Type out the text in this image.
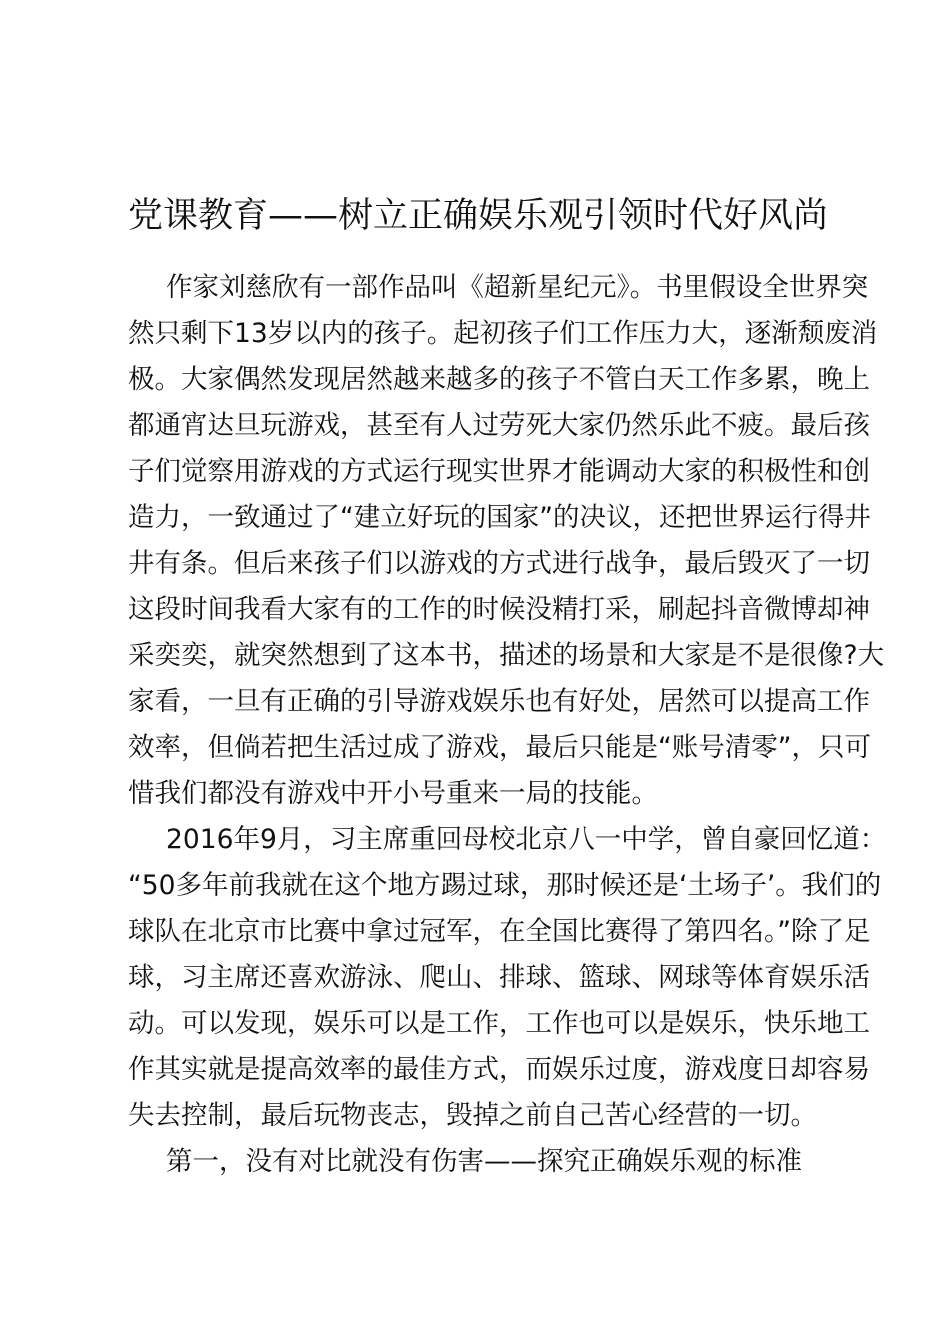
党课教育——树立正确娱乐观引领时代好风尚

作家刘慈欣有一部作品叫《超新星纪元》。书里假设全世界突
然只剩下13岁以内的孩子。起初孩子们工作压力大，逐渐颓废消
极。大家偶然发现居然越来越多的孩子不管白天工作多累，晚上
都通宵达旦玩游戏，甚至有人过劳死大家仍然乐此不疲。最后孩
子们觉察用游戏的方式运行现实世界才能调动大家的积极性和创
造力，一致通过了“建立好玩的国家”的决议，还把世界运行得井
井有条。但后来孩子们以游戏的方式进行战争，最后毁灭了一切
这段时间我看大家有的工作的时候没精打采，刷起抖音微博却神
采奕奕，就突然想到了这本书，描述的场景和大家是不是很像?大
家看，一旦有正确的引导游戏娱乐也有好处，居然可以提高工作
效率，但倘若把生活过成了游戏，最后只能是“账号清零”，只可
惜我们都没有游戏中开小号重来一局的技能。

2016年9月，习主席重回母校北京八一中学，曾自豪回忆道：
“50多年前我就在这个地方踢过球，那时候还是‘土场子’。我们的
球队在北京市比赛中拿过冠军，在全国比赛得了第四名。”除了足
球，习主席还喜欢游泳、爬山、排球、篮球、网球等体育娱乐活
动。可以发现，娱乐可以是工作，工作也可以是娱乐，快乐地工
作其实就是提高效率的最佳方式，而娱乐过度，游戏度日却容易
失去控制，最后玩物丧志，毁掉之前自己苦心经营的一切。

第一，没有对比就没有伤害——探究正确娱乐观的标准
